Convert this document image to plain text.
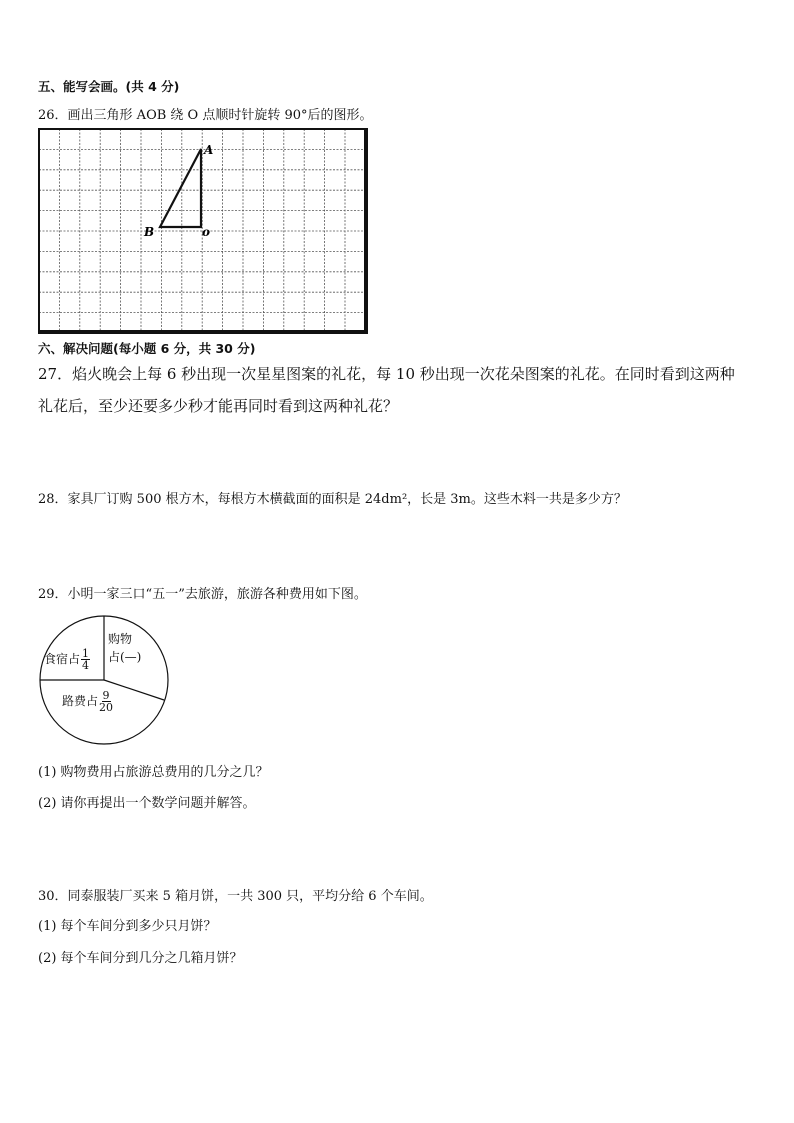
五、能写会画。(共 4 分)
26．画出三角形 AOB 绕 O 点顺时针旋转 90°后的图形。
A
B	o
六、解决问题(每小题 6 分，共 30 分)
27．焰火晚会上每 6 秒出现一次星星图案的礼花，每 10 秒出现一次花朵图案的礼花。在同时看到这两种
礼花后，至少还要多少秒才能再同时看到这两种礼花？
28．家具厂订购 500 根方木，每根方木横截面的面积是 24dm²，长是 3m。这些木料一共是多少方？
29．小明一家三口“五一”去旅游，旅游各种费用如下图。
食宿占 $\frac{1}{4}$
购物
占(—)
路费占 $\frac{9}{20}$
(1) 购物费用占旅游总费用的几分之几？
(2) 请你再提出一个数学问题并解答。
30．同泰服装厂买来 5 箱月饼，一共 300 只，平均分给 6 个车间。
(1) 每个车间分到多少只月饼？
(2) 每个车间分到几分之几箱月饼？
